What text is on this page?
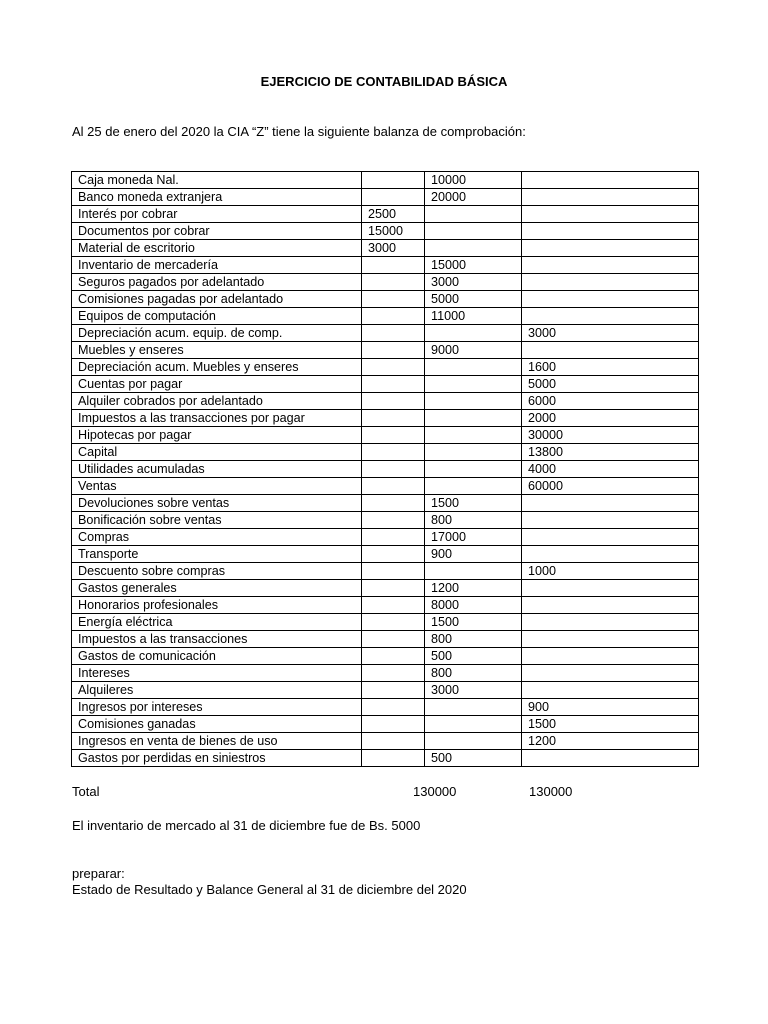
EJERCICIO DE CONTABILIDAD BÁSICA
Al 25 de enero del 2020 la CIA “Z” tiene la siguiente balanza de comprobación:
Caja moneda Nal.		10000	
Banco moneda extranjera		20000	
Interés por cobrar	2500		
Documentos por cobrar	15000		
Material de escritorio	3000		
Inventario de mercadería		15000	
Seguros pagados por adelantado		3000	
Comisiones pagadas por adelantado		5000	
Equipos de computación		11000	
Depreciación acum. equip. de comp.			3000
Muebles y enseres		9000	
Depreciación acum. Muebles y enseres			1600
Cuentas por pagar			5000
Alquiler cobrados por adelantado			6000
Impuestos a las transacciones por pagar			2000
Hipotecas por pagar			30000
Capital			13800
Utilidades acumuladas			4000
Ventas			60000
Devoluciones sobre ventas		1500	
Bonificación sobre ventas		800	
Compras		17000	
Transporte		900	
Descuento sobre compras			1000
Gastos generales		1200	
Honorarios profesionales		8000	
Energía eléctrica		1500	
Impuestos a las transacciones		800	
Gastos de comunicación		500	
Intereses		800	
Alquileres		3000	
Ingresos por intereses			900
Comisiones ganadas			1500
Ingresos en venta de bienes de uso			1200
Gastos por perdidas en siniestros		500	
Total	130000	130000
El inventario de mercado al 31 de diciembre fue de Bs. 5000
preparar:
Estado de Resultado y Balance General al 31 de diciembre del 2020
